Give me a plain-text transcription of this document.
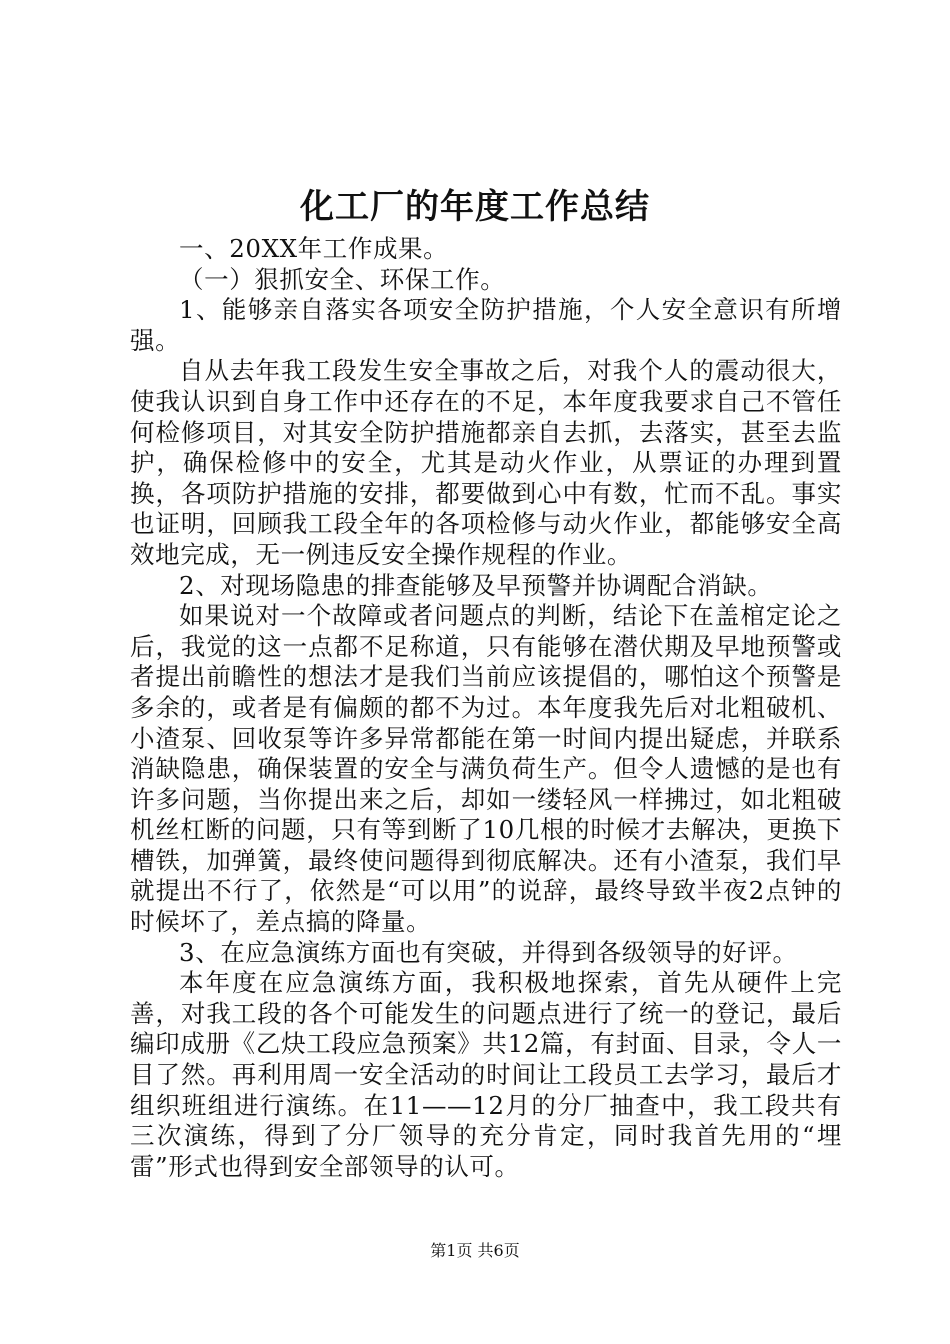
化工厂的年度工作总结

一、20XX年工作成果。

（一）狠抓安全、环保工作。

1、能够亲自落实各项安全防护措施，个人安全意识有所增强。

自从去年我工段发生安全事故之后，对我个人的震动很大，使我认识到自身工作中还存在的不足，本年度我要求自己不管任何检修项目，对其安全防护措施都亲自去抓，去落实，甚至去监护，确保检修中的安全，尤其是动火作业，从票证的办理到置换，各项防护措施的安排，都要做到心中有数，忙而不乱。事实也证明，回顾我工段全年的各项检修与动火作业，都能够安全高效地完成，无一例违反安全操作规程的作业。

2、对现场隐患的排查能够及早预警并协调配合消缺。

如果说对一个故障或者问题点的判断，结论下在盖棺定论之后，我觉的这一点都不足称道，只有能够在潜伏期及早地预警或者提出前瞻性的想法才是我们当前应该提倡的，哪怕这个预警是多余的，或者是有偏颇的都不为过。本年度我先后对北粗破机、小渣泵、回收泵等许多异常都能在第一时间内提出疑虑，并联系消缺隐患，确保装置的安全与满负荷生产。但令人遗憾的是也有许多问题，当你提出来之后，却如一缕轻风一样拂过，如北粗破机丝杠断的问题，只有等到断了10几根的时候才去解决，更换下槽铁，加弹簧，最终使问题得到彻底解决。还有小渣泵，我们早就提出不行了，依然是“可以用”的说辞，最终导致半夜2点钟的时候坏了，差点搞的降量。

3、在应急演练方面也有突破，并得到各级领导的好评。

本年度在应急演练方面，我积极地探索，首先从硬件上完善，对我工段的各个可能发生的问题点进行了统一的登记，最后编印成册《乙炔工段应急预案》共12篇，有封面、目录，令人一目了然。再利用周一安全活动的时间让工段员工去学习，最后才组织班组进行演练。在11——12月的分厂抽查中，我工段共有三次演练，得到了分厂领导的充分肯定，同时我首先用的“埋雷”形式也得到安全部领导的认可。

第1页 共6页
